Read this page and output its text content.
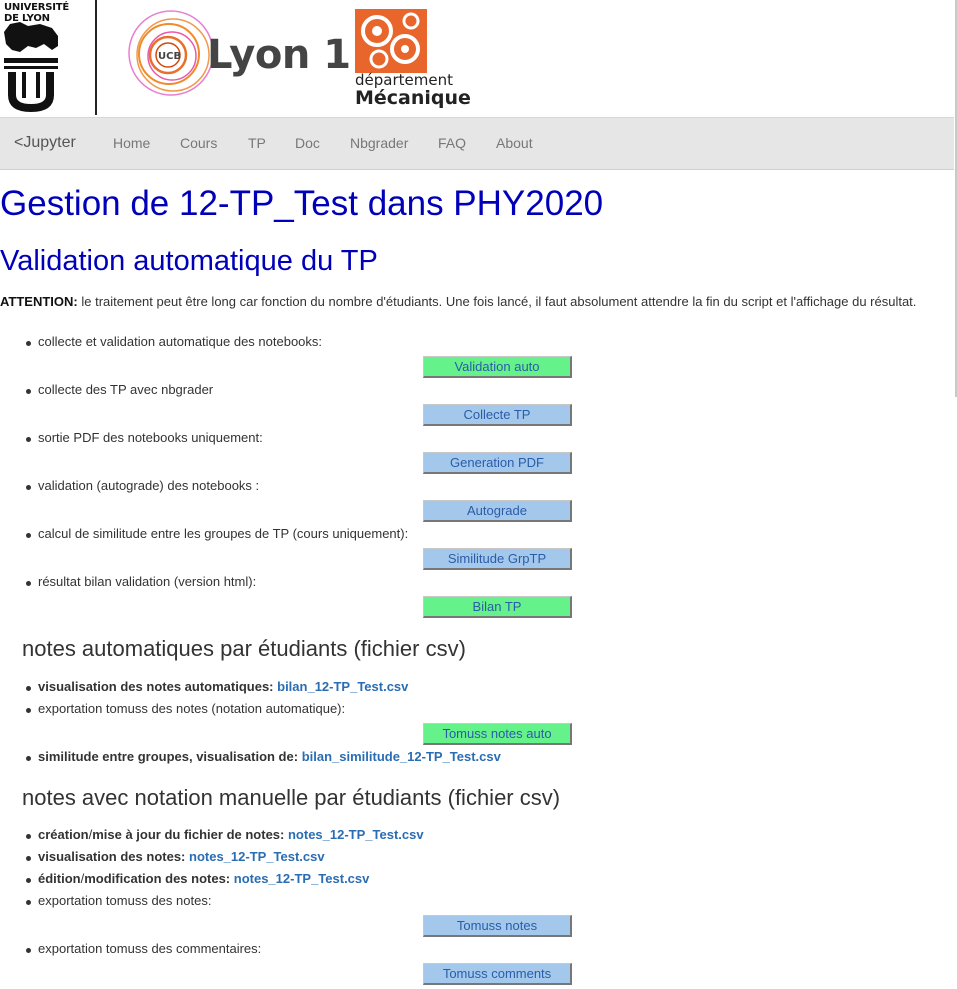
UNIVERSITÉ
DE LYON
UCB Lyon 1
département
Mécanique
<Jupyter	Home Cours TP Doc Nbgrader FAQ About
Gestion de 12-TP_Test dans PHY2020
Validation automatique du TP
ATTENTION: le traitement peut être long car fonction du nombre d'étudiants. Une fois lancé, il faut absolument attendre la fin du script et l'affichage du résultat.
collecte et validation automatique des notebooks:
Validation auto
collecte des TP avec nbgrader
Collecte TP
sortie PDF des notebooks uniquement:
Generation PDF
validation (autograde) des notebooks :
Autograde
calcul de similitude entre les groupes de TP (cours uniquement):
Similitude GrpTP
résultat bilan validation (version html):
Bilan TP
notes automatiques par étudiants (fichier csv)
visualisation des notes automatiques: bilan_12-TP_Test.csv
exportation tomuss des notes (notation automatique):
Tomuss notes auto
similitude entre groupes, visualisation de: bilan_similitude_12-TP_Test.csv
notes avec notation manuelle par étudiants (fichier csv)
création/mise à jour du fichier de notes: notes_12-TP_Test.csv
visualisation des notes: notes_12-TP_Test.csv
édition/modification des notes: notes_12-TP_Test.csv
exportation tomuss des notes:
Tomuss notes
exportation tomuss des commentaires:
Tomuss comments
